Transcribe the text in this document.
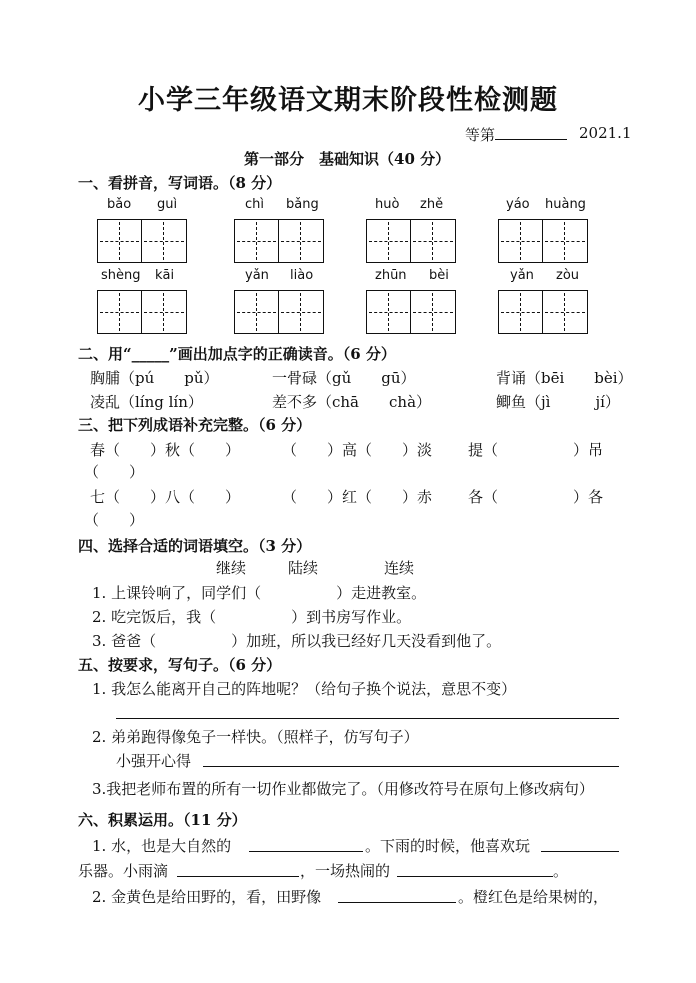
小学三年级语文期末阶段性检测题
等第	2021.1
第一部分　基础知识（40 分）
一、看拼音，写词语。（8 分）
bǎo guì	chì bǎng	huò zhě	yáo huàng
shèng kāi	yǎn liào	zhūn bèi	yǎn zòu
二、用“_____”画出加点字的正确读音。（6 分）
胸脯（pú　　pǔ）	一骨碌（gǔ　　gū）	背诵（bēi　　bèi）
凌乱（líng lín）	差不多（chā　　chà）	鲫鱼（jì　　　jí）
三、把下列成语补充完整。（6 分）
春（　　）秋（　　）	（　　）高（　　）淡 提（　　　　　）吊
（　　）
七（　　）八（　　）	（　　）红（　　）赤 各（　　　　　）各
（　　）
四、选择合适的词语填空。（3 分）
继续	陆续	连续
1. 上课铃响了，同学们（　　　　　）走进教室。
2. 吃完饭后，我（　　　　　）到书房写作业。
3. 爸爸（　　　　　）加班，所以我已经好几天没看到他了。
五、按要求，写句子。（6 分）
1. 我怎么能离开自己的阵地呢？（给句子换个说法，意思不变）
2. 弟弟跑得像兔子一样快。（照样子，仿写句子）
小强开心得
3.我把老师布置的所有一切作业都做完了。（用修改符号在原句上修改病句）
六、积累运用。（11 分）
1. 水，也是大自然的	。下雨的时候，他喜欢玩
乐器。小雨滴	，一场热闹的	。
2. 金黄色是给田野的，看，田野像	。橙红色是给果树的，
